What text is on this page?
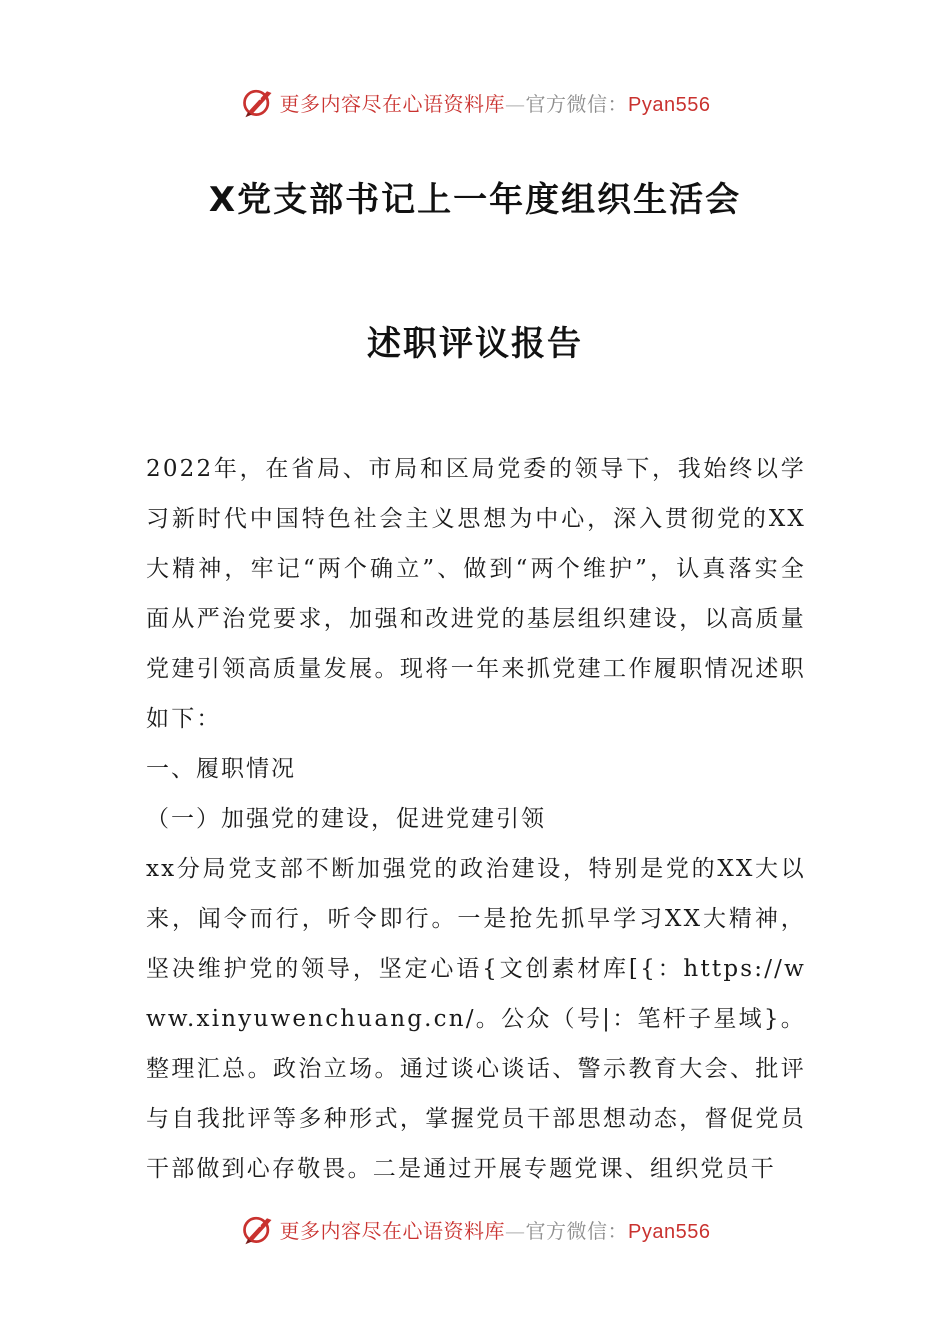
更多内容尽在心语资料库—官方微信：Pyan556
X党支部书记上一年度组织生活会
述职评议报告

2022年，在省局、市局和区局党委的领导下，我始终以学习新时代中国特色社会主义思想为中心，深入贯彻党的XX大精神，牢记“两个确立”、做到“两个维护”，认真落实全面从严治党要求，加强和改进党的基层组织建设，以高质量党建引领高质量发展。现将一年来抓党建工作履职情况述职如下：

一、履职情况

（一）加强党的建设，促进党建引领

xx分局党支部不断加强党的政治建设，特别是党的XX大以来，闻令而行，听令即行。一是抢先抓早学习XX大精神，坚决维护党的领导，坚定心语{文创素材库[{：https://www.xinyuwenchuang.cn/。公众（号|：笔杆子星域}。整理汇总。政治立场。通过谈心谈话、警示教育大会、批评与自我批评等多种形式，掌握党员干部思想动态，督促党员干部做到心存敬畏。二是通过开展专题党课、组织党员干

更多内容尽在心语资料库—官方微信：Pyan556
